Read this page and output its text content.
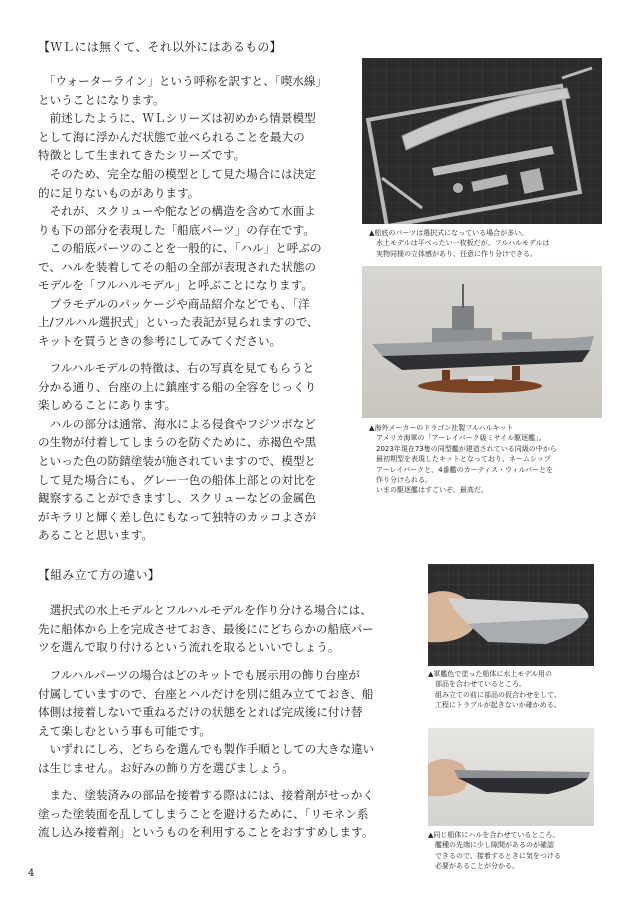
【ＷＬには無くて、それ以外にはあるもの】
　「ウォーターライン」という呼称を訳すと、「喫水線」
ということになります。
　前述したように、ＷＬシリーズは初めから情景模型
として海に浮かんだ状態で並べられることを最大の
特徴として生まれてきたシリーズです。
　そのため、完全な船の模型として見た場合には決定
的に足りないものがあります。
　それが、スクリューや舵などの構造を含めて水面よ
りも下の部分を表現した「船底パーツ」の存在です。
　この船底パーツのことを一般的に、「ハル」と呼ぶの
で、ハルを装着してその船の全部が表現された状態の
モデルを「フルハルモデル」と呼ぶことになります。
　プラモデルのパッケージや商品紹介などでも、「洋
上/フルハル選択式」といった表記が見られますので、
キットを買うときの参考にしてみてください。
　フルハルモデルの特徴は、右の写真を見てもらうと
分かる通り、台座の上に鎮座する船の全容をじっくり
楽しめることにあります。
　ハルの部分は通常、海水による侵食やフジツボなど
の生物が付着してしまうのを防ぐために、赤褐色や黒
といった色の防錆塗装が施されていますので、模型と
して見た場合にも、グレー一色の船体上部との対比を
観察することができますし、スクリューなどの金属色
がキラリと輝く差し色にもなって独特のカッコよさが
あることと思います。
▲船底のパーツは選択式になっている場合が多い。
　水上モデルは平べったい一枚板だが、フルハルモデルは
　実物同様の立体感があり、任意に作り分けできる。
▲海外メーカーのドラゴン社製フルハルキット
　アメリカ海軍の「アーレイバーク級ミサイル駆逐艦」。
　2023年現在73隻の同型艦が建造されている同級の中から
　最初期型を表現したキットとなっており、ネームシップ
　アーレイバークと、4番艦のカーティス・ウィルバーとを
　作り分けられる。
　いまの駆逐艦はすごいぞ。最高だ。
【組み立て方の違い】
　選択式の水上モデルとフルハルモデルを作り分ける場合には、
先に船体から上を完成させておき、最後ににどちらかの船底パー
ツを選んで取り付けるという流れを取るといいでしょう。
　フルハルパーツの場合はどのキットでも展示用の飾り台座が
付属していますので、台座とハルだけを別に組み立てておき、船
体側は接着しないで重ねるだけの状態をとれば完成後に付け替
えて楽しむという事も可能です。
　いずれにしろ、どちらを選んでも製作手順としての大きな違い
は生じません。お好みの飾り方を選びましょう。
　また、塗装済みの部品を接着する際はには、接着剤がせっかく
塗った塗装面を乱してしまうことを避けるために、「リモネン系
流し込み接着剤」というものを利用することをおすすめします。
▲軍艦色で塗った船体に水上モデル用の
　部品を合わせているところ。
　組み立ての前に部品の仮合わせをして、
　工程にトラブルが起きないか確かめる。
▲同じ船体にハルを合わせているところ。
　艦種の先端に少し隙間があるのが確認
　できるので、接着するときに気をつける
　必要があることが分かる。
4
